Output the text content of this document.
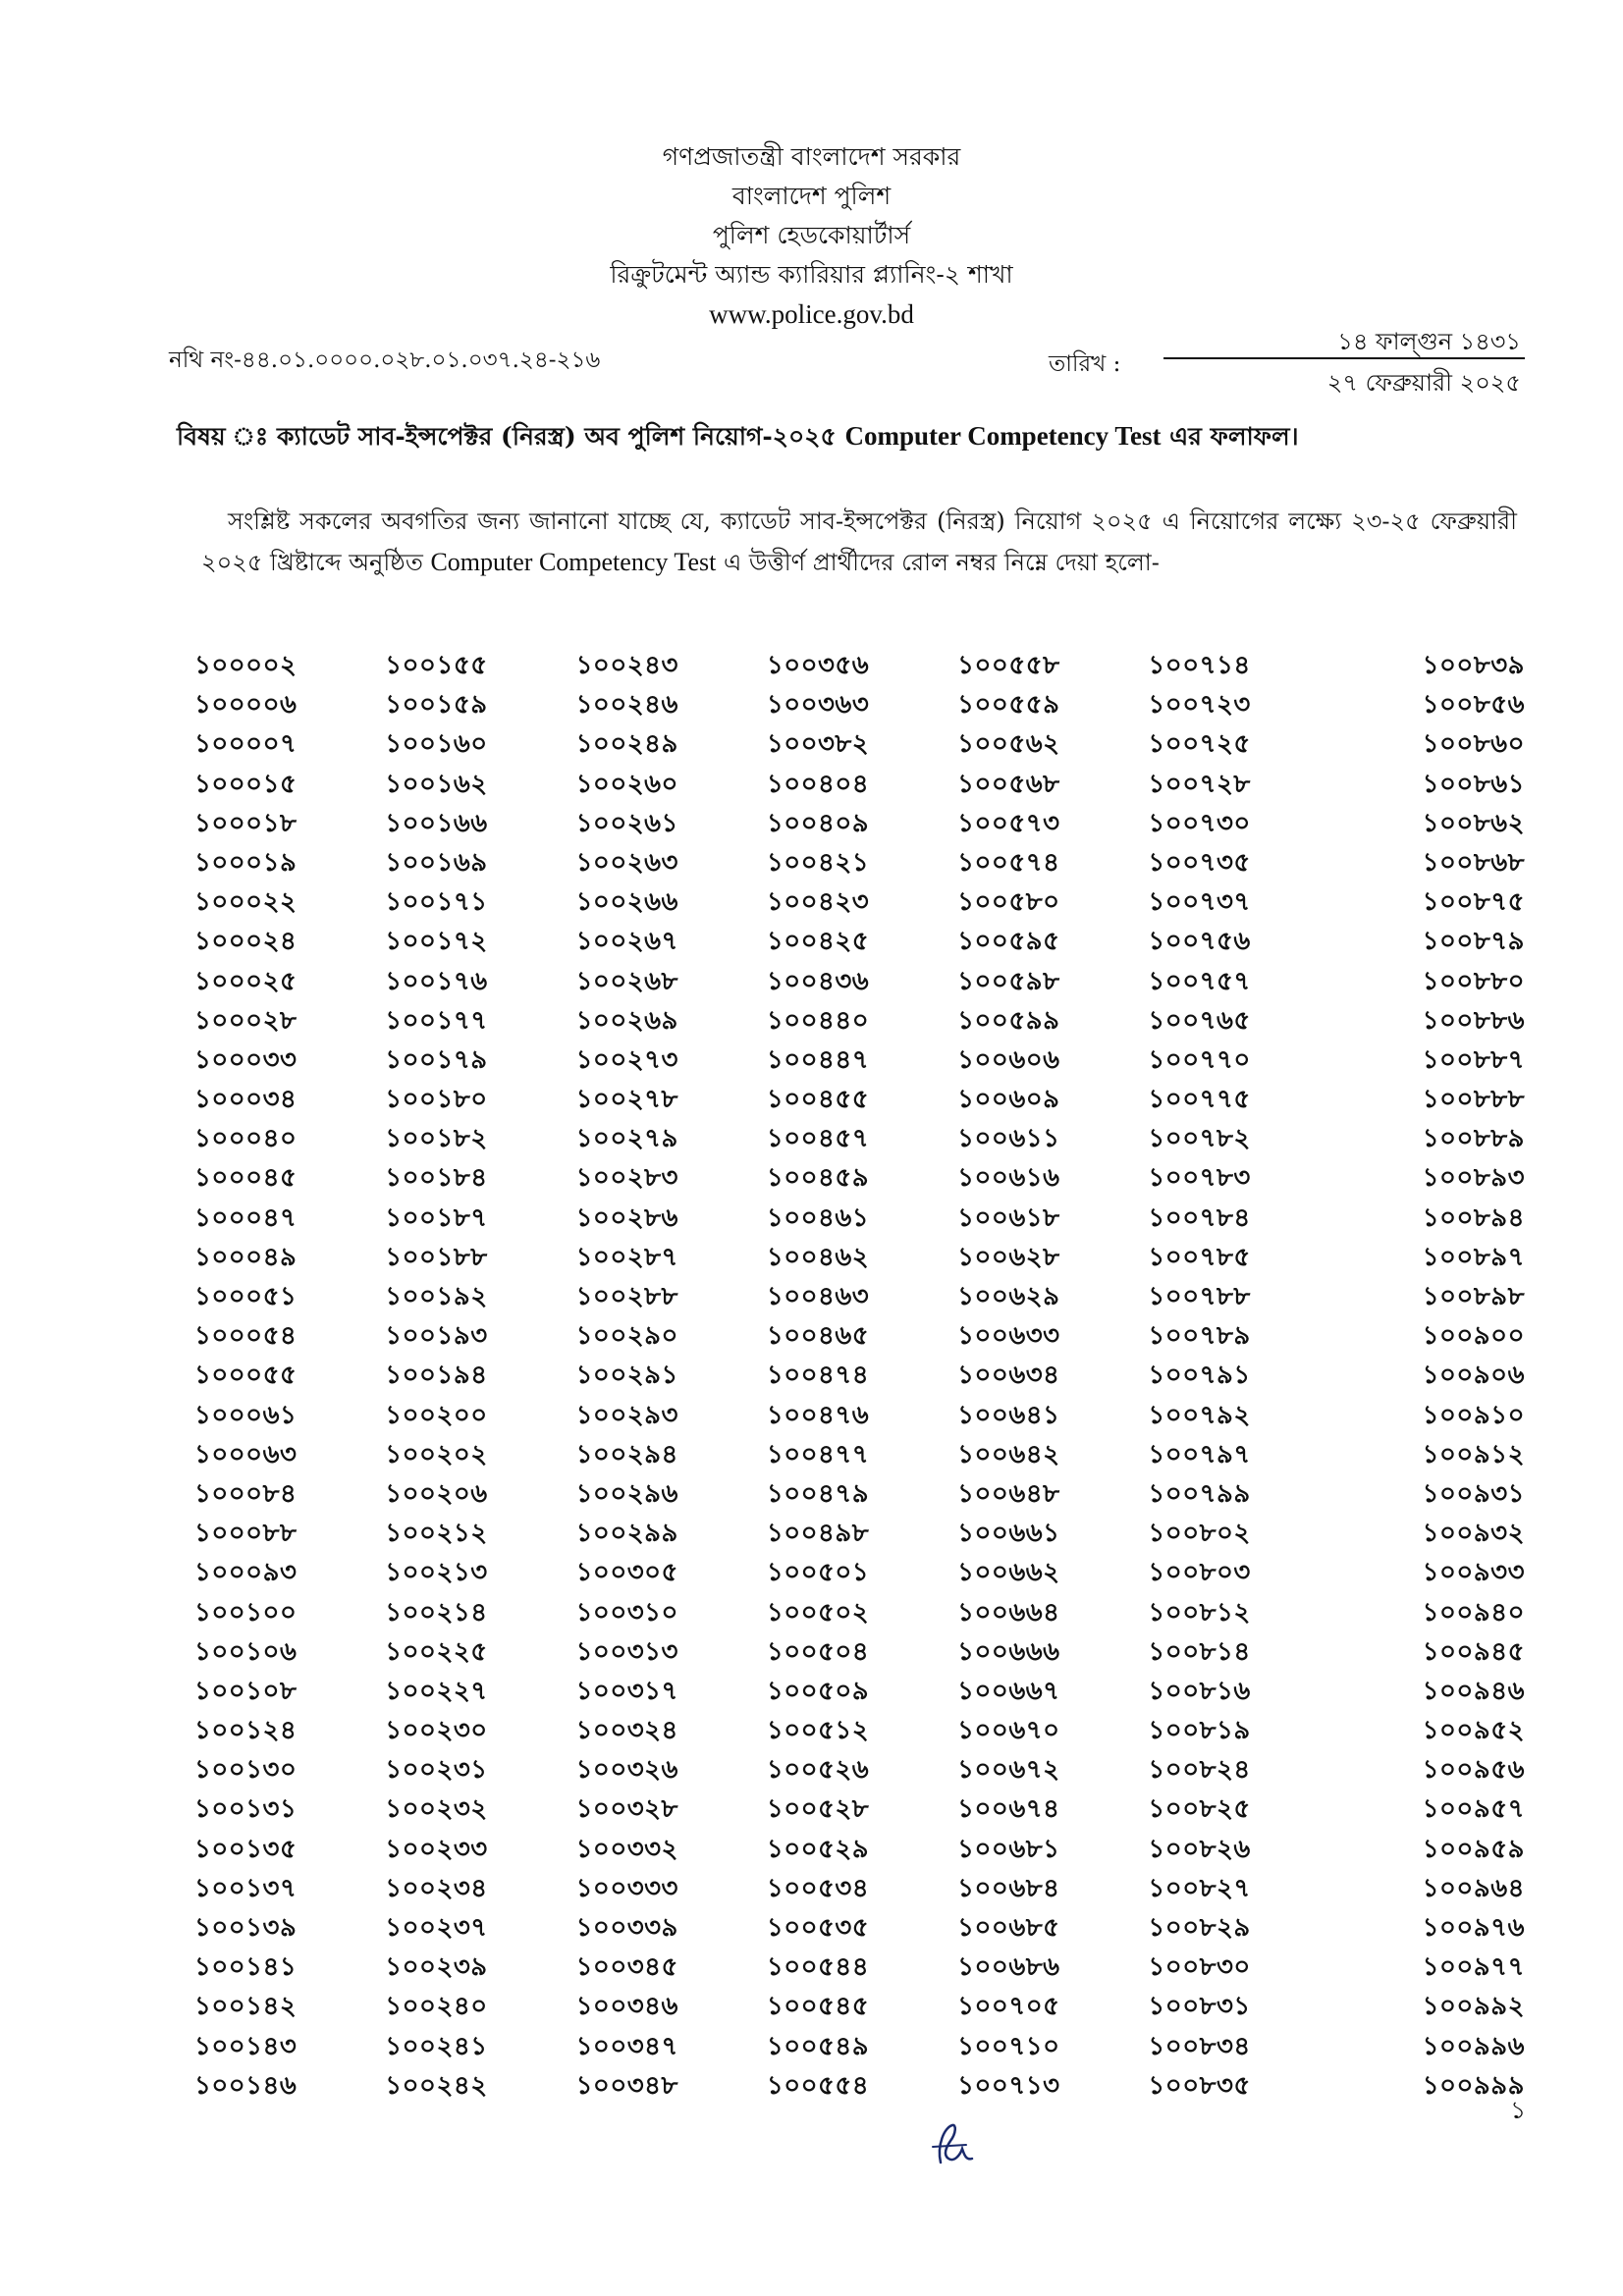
গণপ্রজাতন্ত্রী বাংলাদেশ সরকার
বাংলাদেশ পুলিশ
পুলিশ হেডকোয়ার্টার্স
রিক্রুটমেন্ট অ্যান্ড ক্যারিয়ার প্ল্যানিং-২ শাখা
www.police.gov.bd
নথি নং-৪৪.০১.০০০০.০২৮.০১.০৩৭.২৪-২১৬	তারিখ :
১৪ ফাল্গুন ১৪৩১
২৭ ফেব্রুয়ারী ২০২৫
বিষয় ঃ ক্যাডেট সাব-ইন্সপেক্টর (নিরস্ত্র) অব পুলিশ নিয়োগ-২০২৫ Computer Competency Test এর ফলাফল।
সংশ্লিষ্ট সকলের অবগতির জন্য জানানো যাচ্ছে যে, ক্যাডেট সাব-ইন্সপেক্টর (নিরস্ত্র) নিয়োগ ২০২৫ এ নিয়োগের লক্ষ্যে ২৩-২৫ ফেব্রুয়ারী
২০২৫ খ্রিষ্টাব্দে অনুষ্ঠিত Computer Competency Test এ উত্তীর্ণ প্রার্থীদের রোল নম্বর নিম্নে দেয়া হলো-
১০০০০২	১০০১৫৫	১০০২৪৩	১০০৩৫৬	১০০৫৫৮	১০০৭১৪	১০০৮৩৯
১০০০০৬	১০০১৫৯	১০০২৪৬	১০০৩৬৩	১০০৫৫৯	১০০৭২৩	১০০৮৫৬
১০০০০৭	১০০১৬০	১০০২৪৯	১০০৩৮২	১০০৫৬২	১০০৭২৫	১০০৮৬০
১০০০১৫	১০০১৬২	১০০২৬০	১০০৪০৪	১০০৫৬৮	১০০৭২৮	১০০৮৬১
১০০০১৮	১০০১৬৬	১০০২৬১	১০০৪০৯	১০০৫৭৩	১০০৭৩০	১০০৮৬২
১০০০১৯	১০০১৬৯	১০০২৬৩	১০০৪২১	১০০৫৭৪	১০০৭৩৫	১০০৮৬৮
১০০০২২	১০০১৭১	১০০২৬৬	১০০৪২৩	১০০৫৮০	১০০৭৩৭	১০০৮৭৫
১০০০২৪	১০০১৭২	১০০২৬৭	১০০৪২৫	১০০৫৯৫	১০০৭৫৬	১০০৮৭৯
১০০০২৫	১০০১৭৬	১০০২৬৮	১০০৪৩৬	১০০৫৯৮	১০০৭৫৭	১০০৮৮০
১০০০২৮	১০০১৭৭	১০০২৬৯	১০০৪৪০	১০০৫৯৯	১০০৭৬৫	১০০৮৮৬
১০০০৩৩	১০০১৭৯	১০০২৭৩	১০০৪৪৭	১০০৬০৬	১০০৭৭০	১০০৮৮৭
১০০০৩৪	১০০১৮০	১০০২৭৮	১০০৪৫৫	১০০৬০৯	১০০৭৭৫	১০০৮৮৮
১০০০৪০	১০০১৮২	১০০২৭৯	১০০৪৫৭	১০০৬১১	১০০৭৮২	১০০৮৮৯
১০০০৪৫	১০০১৮৪	১০০২৮৩	১০০৪৫৯	১০০৬১৬	১০০৭৮৩	১০০৮৯৩
১০০০৪৭	১০০১৮৭	১০০২৮৬	১০০৪৬১	১০০৬১৮	১০০৭৮৪	১০০৮৯৪
১০০০৪৯	১০০১৮৮	১০০২৮৭	১০০৪৬২	১০০৬২৮	১০০৭৮৫	১০০৮৯৭
১০০০৫১	১০০১৯২	১০০২৮৮	১০০৪৬৩	১০০৬২৯	১০০৭৮৮	১০০৮৯৮
১০০০৫৪	১০০১৯৩	১০০২৯০	১০০৪৬৫	১০০৬৩৩	১০০৭৮৯	১০০৯০০
১০০০৫৫	১০০১৯৪	১০০২৯১	১০০৪৭৪	১০০৬৩৪	১০০৭৯১	১০০৯০৬
১০০০৬১	১০০২০০	১০০২৯৩	১০০৪৭৬	১০০৬৪১	১০০৭৯২	১০০৯১০
১০০০৬৩	১০০২০২	১০০২৯৪	১০০৪৭৭	১০০৬৪২	১০০৭৯৭	১০০৯১২
১০০০৮৪	১০০২০৬	১০০২৯৬	১০০৪৭৯	১০০৬৪৮	১০০৭৯৯	১০০৯৩১
১০০০৮৮	১০০২১২	১০০২৯৯	১০০৪৯৮	১০০৬৬১	১০০৮০২	১০০৯৩২
১০০০৯৩	১০০২১৩	১০০৩০৫	১০০৫০১	১০০৬৬২	১০০৮০৩	১০০৯৩৩
১০০১০০	১০০২১৪	১০০৩১০	১০০৫০২	১০০৬৬৪	১০০৮১২	১০০৯৪০
১০০১০৬	১০০২২৫	১০০৩১৩	১০০৫০৪	১০০৬৬৬	১০০৮১৪	১০০৯৪৫
১০০১০৮	১০০২২৭	১০০৩১৭	১০০৫০৯	১০০৬৬৭	১০০৮১৬	১০০৯৪৬
১০০১২৪	১০০২৩০	১০০৩২৪	১০০৫১২	১০০৬৭০	১০০৮১৯	১০০৯৫২
১০০১৩০	১০০২৩১	১০০৩২৬	১০০৫২৬	১০০৬৭২	১০০৮২৪	১০০৯৫৬
১০০১৩১	১০০২৩২	১০০৩২৮	১০০৫২৮	১০০৬৭৪	১০০৮২৫	১০০৯৫৭
১০০১৩৫	১০০২৩৩	১০০৩৩২	১০০৫২৯	১০০৬৮১	১০০৮২৬	১০০৯৫৯
১০০১৩৭	১০০২৩৪	১০০৩৩৩	১০০৫৩৪	১০০৬৮৪	১০০৮২৭	১০০৯৬৪
১০০১৩৯	১০০২৩৭	১০০৩৩৯	১০০৫৩৫	১০০৬৮৫	১০০৮২৯	১০০৯৭৬
১০০১৪১	১০০২৩৯	১০০৩৪৫	১০০৫৪৪	১০০৬৮৬	১০০৮৩০	১০০৯৭৭
১০০১৪২	১০০২৪০	১০০৩৪৬	১০০৫৪৫	১০০৭০৫	১০০৮৩১	১০০৯৯২
১০০১৪৩	১০০২৪১	১০০৩৪৭	১০০৫৪৯	১০০৭১০	১০০৮৩৪	১০০৯৯৬
১০০১৪৬	১০০২৪২	১০০৩৪৮	১০০৫৫৪	১০০৭১৩	১০০৮৩৫	১০০৯৯৯
১
